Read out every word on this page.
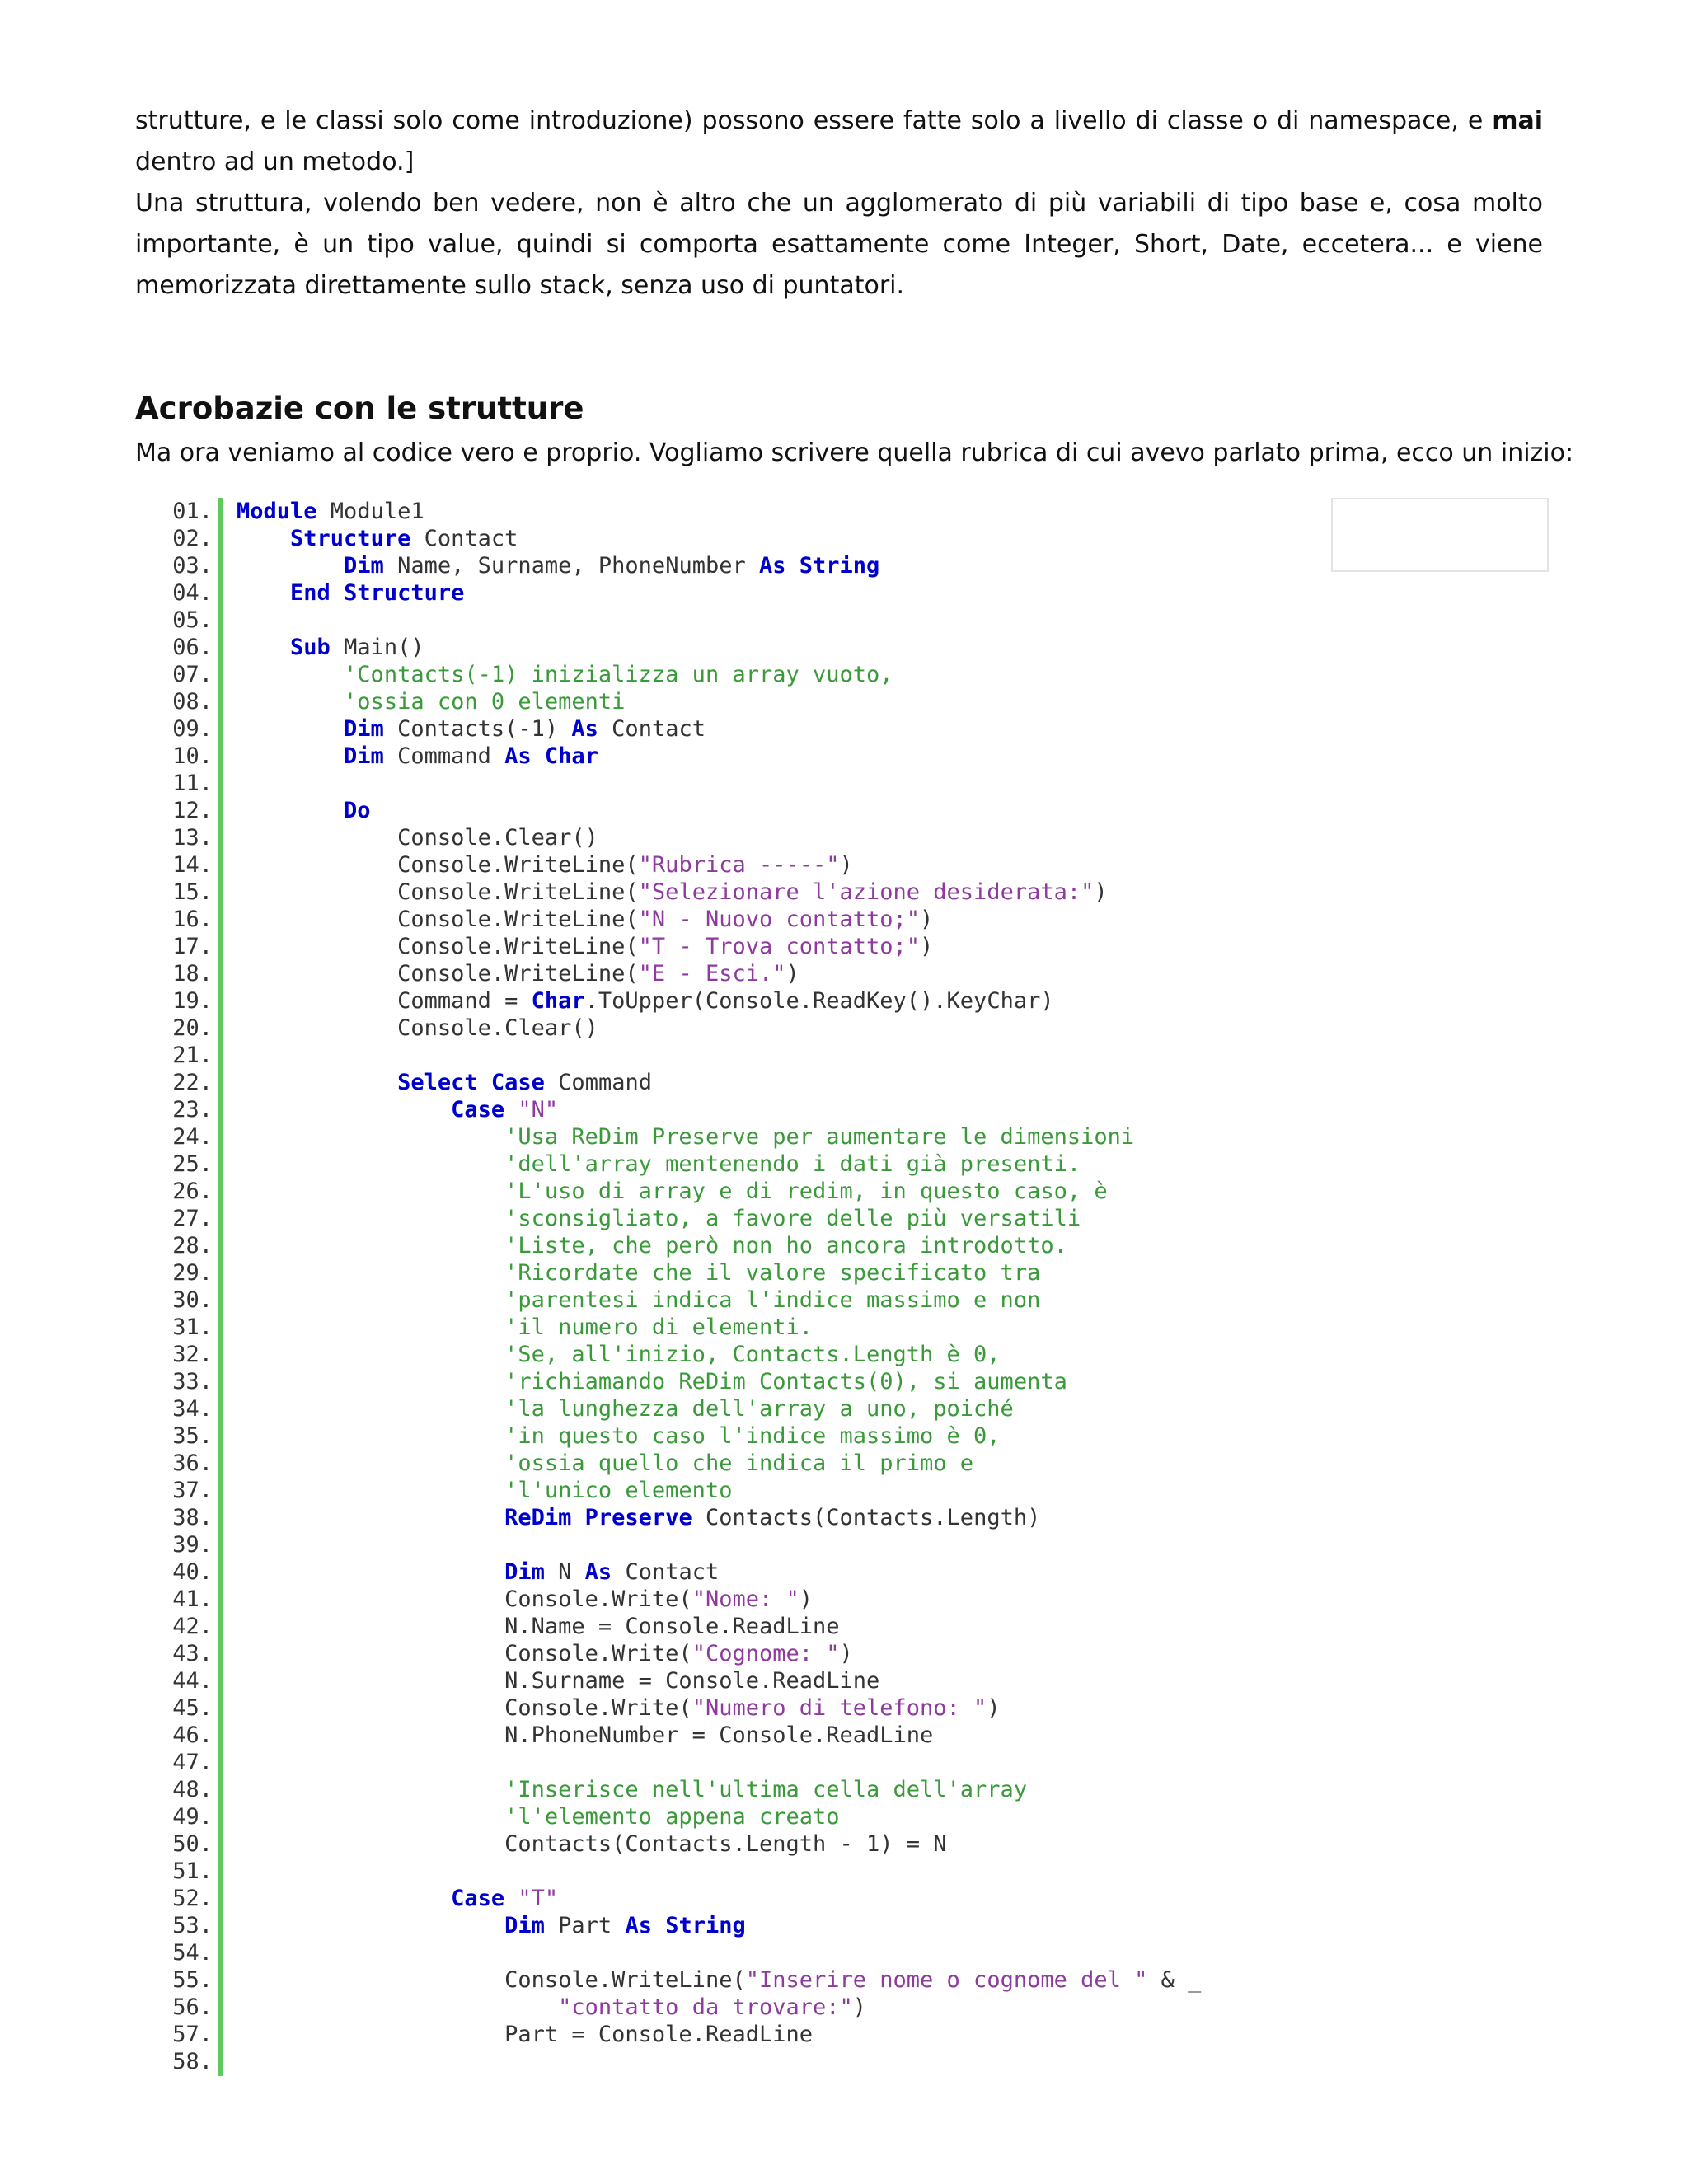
strutture, e le classi solo come introduzione) possono essere fatte solo a livello di classe o di namespace, e mai dentro ad un metodo.]

Una struttura, volendo ben vedere, non è altro che un agglomerato di più variabili di tipo base e, cosa molto importante, è un tipo value, quindi si comporta esattamente come Integer, Short, Date, eccetera... e viene memorizzata direttamente sullo stack, senza uso di puntatori.

Acrobazie con le strutture

Ma ora veniamo al codice vero e proprio. Vogliamo scrivere quella rubrica di cui avevo parlato prima, ecco un inizio:

01. Module Module1
02.	Structure Contact
03.	Dim Name, Surname, PhoneNumber As String
04.	End Structure
05.
06.	Sub Main()
07.	'Contacts(-1) inizializza un array vuoto,
08.	'ossia con 0 elementi
09.	Dim Contacts(-1) As Contact
10.	Dim Command As Char
11.
12.	Do
13. Console.Clear()
14. Console.WriteLine("Rubrica -----")
15. Console.WriteLine("Selezionare l'azione desiderata:")
16. Console.WriteLine("N - Nuovo contatto;")
17. Console.WriteLine("T - Trova contatto;")
18. Console.WriteLine("E - Esci.")
19. Command = Char.ToUpper(Console.ReadKey().KeyChar)
20. Console.Clear()
21.
22.	Select Case Command
23.	Case "N"
24.	'Usa ReDim Preserve per aumentare le dimensioni
25.	'dell'array mentenendo i dati già presenti.
26.	'L'uso di array e di redim, in questo caso, è
27.	'sconsigliato, a favore delle più versatili
28.	'Liste, che però non ho ancora introdotto.
29.	'Ricordate che il valore specificato tra
30.	'parentesi indica l'indice massimo e non
31.	'il numero di elementi.
32.	'Se, all'inizio, Contacts.Length è 0,
33.	'richiamando ReDim Contacts(0), si aumenta
34.	'la lunghezza dell'array a uno, poiché
35.	'in questo caso l'indice massimo è 0,
36.	'ossia quello che indica il primo e
37.	'l'unico elemento
38.	ReDim Preserve Contacts(Contacts.Length)
39.
40.	Dim N As Contact
41. Console.Write("Nome: ")
42. N.Name = Console.ReadLine
43. Console.Write("Cognome: ")
44. N.Surname = Console.ReadLine
45. Console.Write("Numero di telefono: ")
46. N.PhoneNumber = Console.ReadLine
47.
48.	'Inserisce nell'ultima cella dell'array
49.	'l'elemento appena creato
50. Contacts(Contacts.Length - 1) = N
51.
52.	Case "T"
53.	Dim Part As String
54.
55. Console.WriteLine("Inserire nome o cognome del " & _
56.	"contatto da trovare:")
57. Part = Console.ReadLine
58.
